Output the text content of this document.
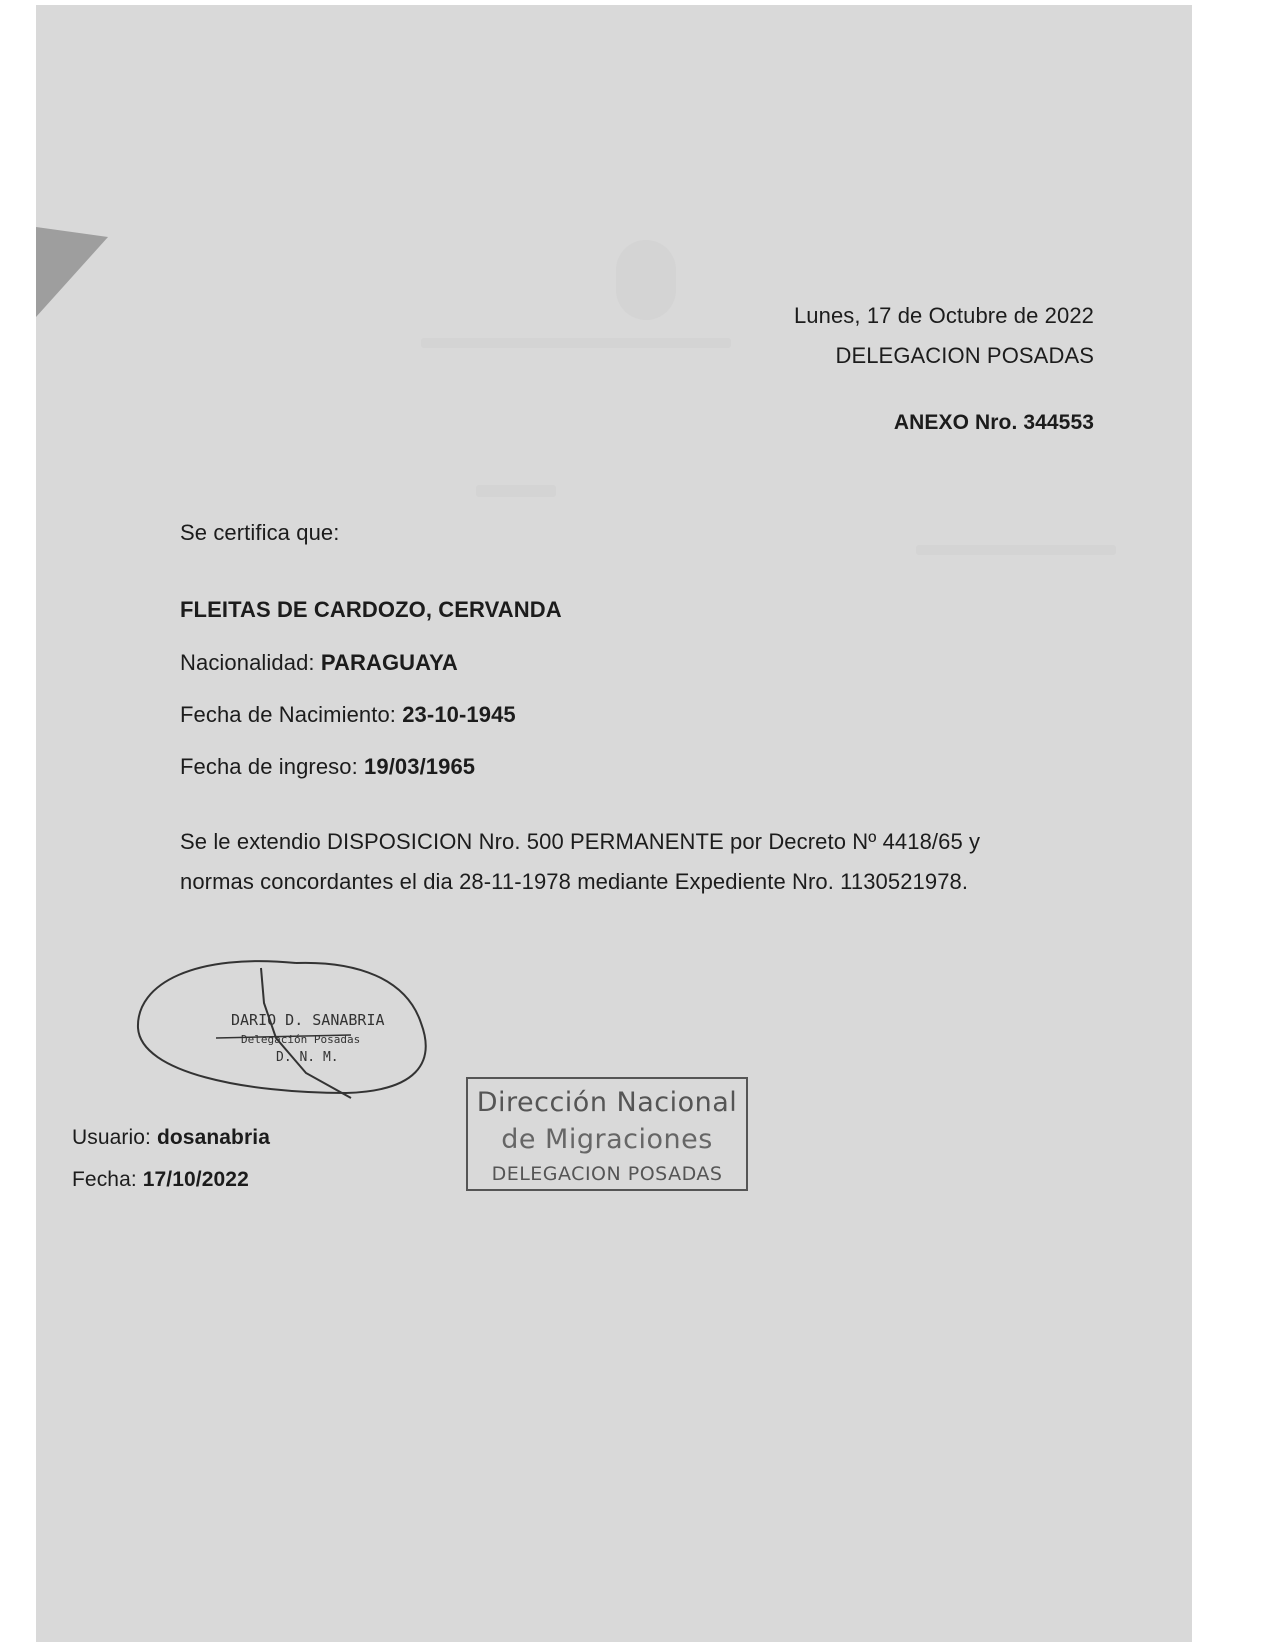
Lunes, 17 de Octubre de 2022
DELEGACION POSADAS
ANEXO Nro. 344553
Se certifica que:
FLEITAS DE CARDOZO, CERVANDA
Nacionalidad: PARAGUAYA
Fecha de Nacimiento: 23-10-1945
Fecha de ingreso: 19/03/1965
Se le extendio DISPOSICION Nro. 500 PERMANENTE por Decreto Nº 4418/65 y
normas concordantes el dia 28-11-1978 mediante Expediente Nro. 1130521978.
DARIO D. SANABRIA
Delegación Posadas
D. N. M.
Dirección Nacional
de Migraciones
DELEGACION POSADAS
Usuario: dosanabria
Fecha: 17/10/2022
